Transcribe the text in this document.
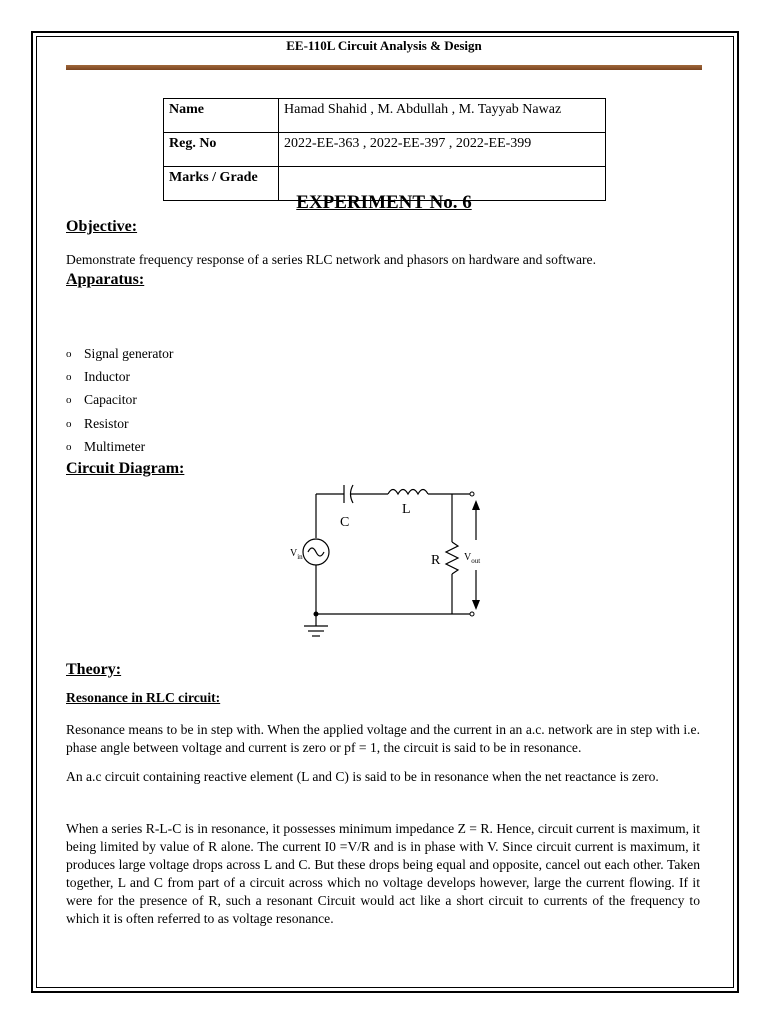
EE-110L Circuit Analysis & Design
Name	Hamad Shahid , M. Abdullah , M. Tayyab Nawaz
Reg. No	2022-EE-363 , 2022-EE-397 , 2022-EE-399
Marks / Grade	
EXPERIMENT No. 6
Objective:
Demonstrate frequency response of a series RLC network and phasors on hardware and software.
Apparatus:
o Signal generator
o Inductor
o Capacitor
o Resistor
o Multimeter
Circuit Diagram:
C
L
R
$V_{in}$	$V_{out}$
Theory:
Resonance in RLC circuit:
Resonance means to be in step with. When the applied voltage and the current in an a.c. network are in step with i.e. phase angle between voltage and current is zero or pf = 1, the circuit is said to be in resonance.
An a.c circuit containing reactive element (L and C) is said to be in resonance when the net reactance is zero.
When a series R-L-C is in resonance, it possesses minimum impedance Z = R. Hence, circuit current is maximum, it being limited by value of R alone. The current I0 =V/R and is in phase with V. Since circuit current is maximum, it produces large voltage drops across L and C. But these drops being equal and opposite, cancel out each other. Taken together, L and C from part of a circuit across which no voltage develops however, large the current flowing. If it were for the presence of R, such a resonant Circuit would act like a short circuit to currents of the frequency to which it is often referred to as voltage resonance.
